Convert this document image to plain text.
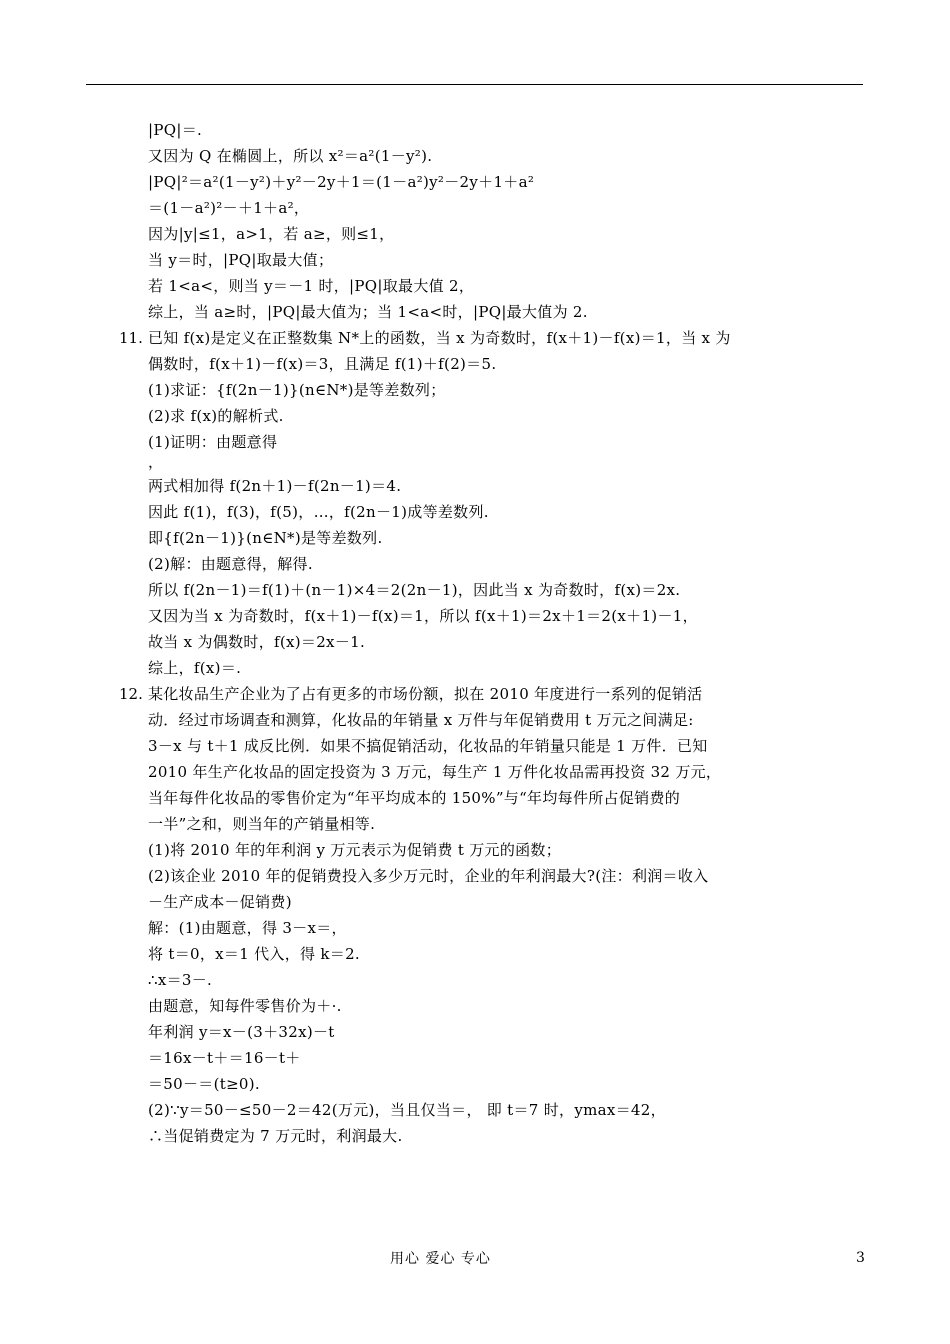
|PQ|＝.
又因为 Q 在椭圆上，所以 x²＝a²(1－y²).
|PQ|²＝a²(1－y²)＋y²－2y＋1＝(1－a²)y²－2y＋1＋a²
＝(1－a²)²－＋1＋a²，
因为|y|≤1，a>1，若 a≥，则≤1，
当 y＝时，|PQ|取最大值；
若 1<a<，则当 y＝－1 时，|PQ|取最大值 2，
综上，当 a≥时，|PQ|最大值为；当 1<a<时，|PQ|最大值为 2.
11. 已知 f(x)是定义在正整数集 N*上的函数，当 x 为奇数时，f(x＋1)－f(x)＝1，当 x 为
偶数时，f(x＋1)－f(x)＝3，且满足 f(1)＋f(2)＝5.
(1)求证：{f(2n－1)}(n∈N*)是等差数列；
(2)求 f(x)的解析式.
(1)证明：由题意得
，
两式相加得 f(2n＋1)－f(2n－1)＝4.
因此 f(1)，f(3)，f(5)，…，f(2n－1)成等差数列.
即{f(2n－1)}(n∈N*)是等差数列.
(2)解：由题意得，解得.
所以 f(2n－1)＝f(1)＋(n－1)×4＝2(2n－1)，因此当 x 为奇数时，f(x)＝2x.
又因为当 x 为奇数时，f(x＋1)－f(x)＝1，所以 f(x＋1)＝2x＋1＝2(x＋1)－1，
故当 x 为偶数时，f(x)＝2x－1.
综上，f(x)＝.
12. 某化妆品生产企业为了占有更多的市场份额，拟在 2010 年度进行一系列的促销活
动．经过市场调查和测算，化妆品的年销量 x 万件与年促销费用 t 万元之间满足:
3－x 与 t＋1 成反比例．如果不搞促销活动，化妆品的年销量只能是 1 万件．已知
2010 年生产化妆品的固定投资为 3 万元，每生产 1 万件化妆品需再投资 32 万元，
当年每件化妆品的零售价定为“年平均成本的 150%”与“年均每件所占促销费的
一半”之和，则当年的产销量相等.
(1)将 2010 年的年利润 y 万元表示为促销费 t 万元的函数；
(2)该企业 2010 年的促销费投入多少万元时，企业的年利润最大?(注：利润＝收入
－生产成本－促销费)
解：(1)由题意，得 3－x＝，
将 t＝0，x＝1 代入，得 k＝2.
∴x＝3－.
由题意，知每件零售价为＋·.
年利润 y＝x－(3＋32x)－t
＝16x－t＋＝16－t＋
＝50－＝(t≥0).
(2)∵y＝50－≤50－2＝42(万元)，当且仅当＝， 即 t＝7 时，ymax＝42，
∴当促销费定为 7 万元时，利润最大.
用心 爱心 专心	3
